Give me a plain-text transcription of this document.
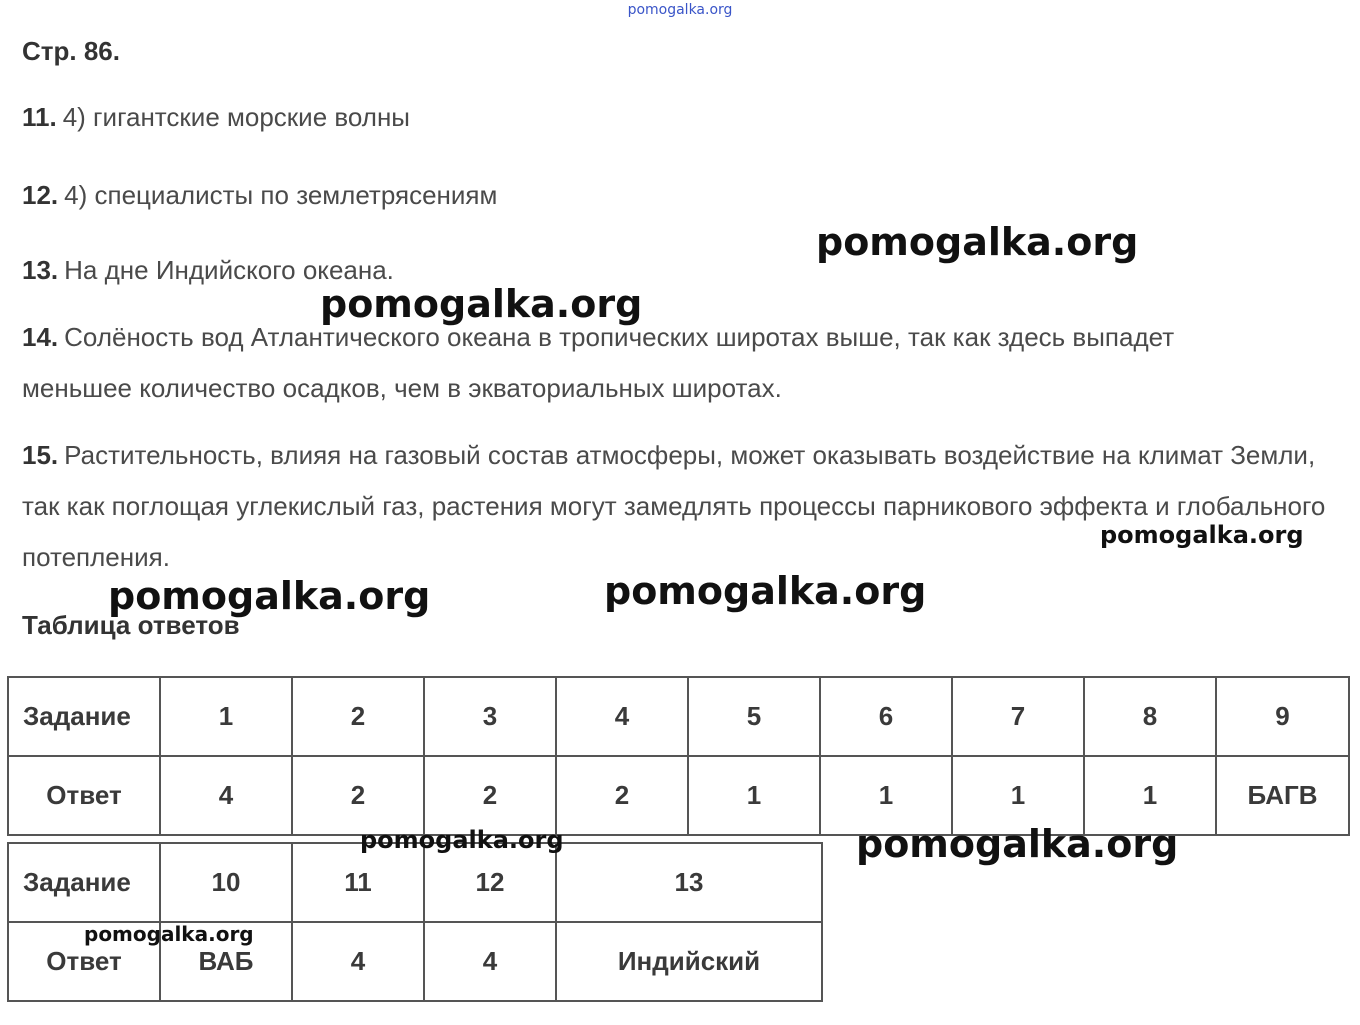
pomogalka.org
Стр. 86.
11. 4) гигантские морские волны
12. 4) специалисты по землетрясениям
13. На дне Индийского океана.
14. Солёность вод Атлантического океана в тропических широтах выше, так как здесь выпадет меньшее количество осадков, чем в экваториальных широтах.
15. Растительность, влияя на газовый состав атмосферы, может оказывать воздействие на климат Земли, так как поглощая углекислый газ, растения могут замедлять процессы парникового эффекта и глобального потепления.
Таблица ответов
Задание	1	2	3	4	5	6	7	8	9
Ответ	4	2	2	2	1	1	1	1	БАГВ
Задание	10	11	12	13
Ответ	ВАБ	4	4	Индийский
pomogalka.org
pomogalka.org
pomogalka.org
pomogalka.org	pomogalka.org
pomogalka.org	pomogalka.org
pomogalka.org
